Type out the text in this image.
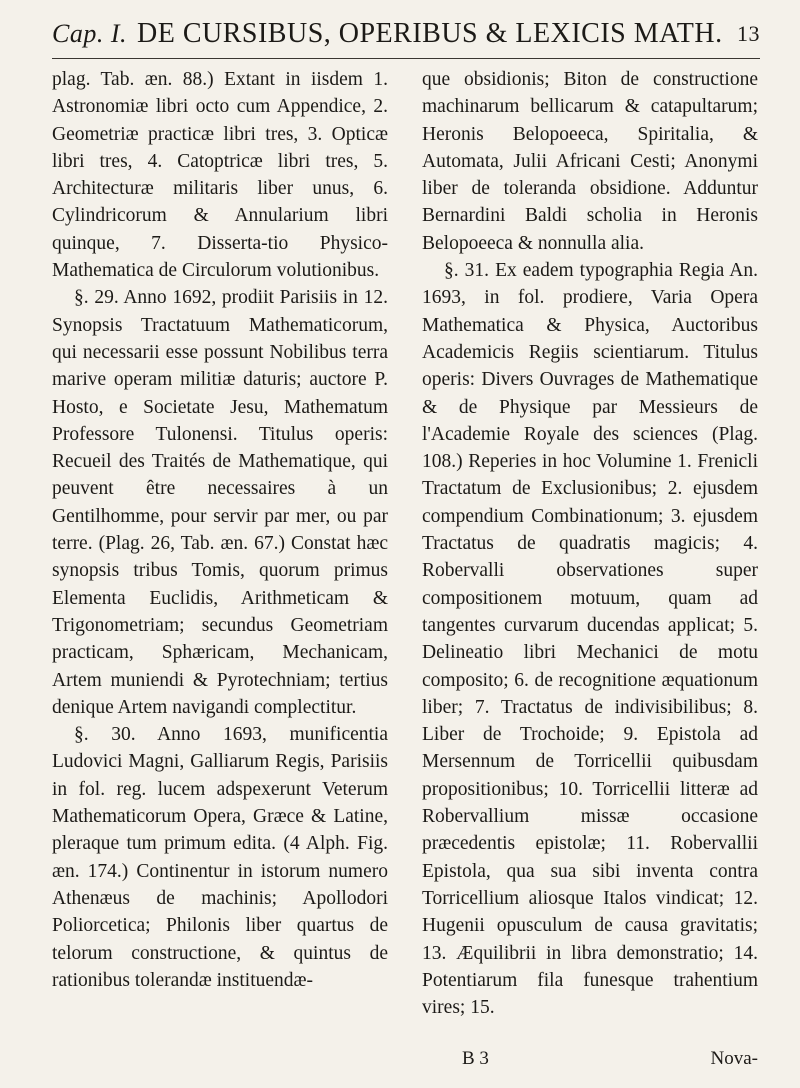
Cap. I. DE CURSIBUS, OPERIBUS & LEXICIS MATH. 13

plag. Tab. æn. 88.) Extant in iisdem 1. Astronomiæ libri octo cum Appendice, 2. Geometriæ practicæ libri tres, 3. Opticæ libri tres, 4. Catoptricæ libri tres, 5. Architecturæ militaris liber unus, 6. Cylindricorum & Annularium libri quinque, 7. Disserta-tio Physico-Mathematica de Circulorum volutionibus.

§. 29. Anno 1692, prodiit Parisiis in 12. Synopsis Tractatuum Mathematicorum, qui necessarii esse possunt Nobilibus terra marive operam militiæ daturis; auctore P. Hosto, e Societate Jesu, Mathematum Professore Tulonensi. Titulus operis: Recueil des Traités de Mathematique, qui peuvent être necessaires à un Gentilhomme, pour servir par mer, ou par terre. (Plag. 26, Tab. æn. 67.) Constat hæc synopsis tribus Tomis, quorum primus Elementa Euclidis, Arithmeticam & Trigonometriam; secundus Geometriam practicam, Sphæricam, Mechanicam, Artem muniendi & Pyrotechniam; tertius denique Artem navigandi complectitur.

§. 30. Anno 1693, munificentia Ludovici Magni, Galliarum Regis, Parisiis in fol. reg. lucem adspexerunt Veterum Mathematicorum Opera, Græce & Latine, pleraque tum primum edita. (4 Alph. Fig. æn. 174.) Continentur in istorum numero Athenæus de machinis; Apollodori Poliorcetica; Philonis liber quartus de telorum constructione, & quintus de rationibus tolerandæ instituendæ-

que obsidionis; Biton de constructione machinarum bellicarum & catapultarum; Heronis Belopoeeca, Spiritalia, & Automata, Julii Africani Cesti; Anonymi liber de toleranda obsidione. Adduntur Bernardini Baldi scholia in Heronis Belopoeeca & nonnulla alia.

§. 31. Ex eadem typographia Regia An. 1693, in fol. prodiere, Varia Opera Mathematica & Physica, Auctoribus Academicis Regiis scientiarum. Titulus operis: Divers Ouvrages de Mathematique & de Physique par Messieurs de l'Academie Royale des sciences (Plag. 108.) Reperies in hoc Volumine 1. Frenicli Tractatum de Exclusionibus; 2. ejusdem compendium Combinationum; 3. ejusdem Tractatus de quadratis magicis; 4. Robervalli observationes super compositionem motuum, quam ad tangentes curvarum ducendas applicat; 5. Delineatio libri Mechanici de motu composito; 6. de recognitione æquationum liber; 7. Tractatus de indivisibilibus; 8. Liber de Trochoide; 9. Epistola ad Mersennum de Torricellii quibusdam propositionibus; 10. Torricellii litteræ ad Robervallium missæ occasione præcedentis epistolæ; 11. Robervallii Epistola, qua sua sibi inventa contra Torricellium aliosque Italos vindicat; 12. Hugenii opusculum de causa gravitatis; 13. Æquilibrii in libra demonstratio; 14. Potentiarum fila funesque trahentium vires; 15.

B 3	Nova-
